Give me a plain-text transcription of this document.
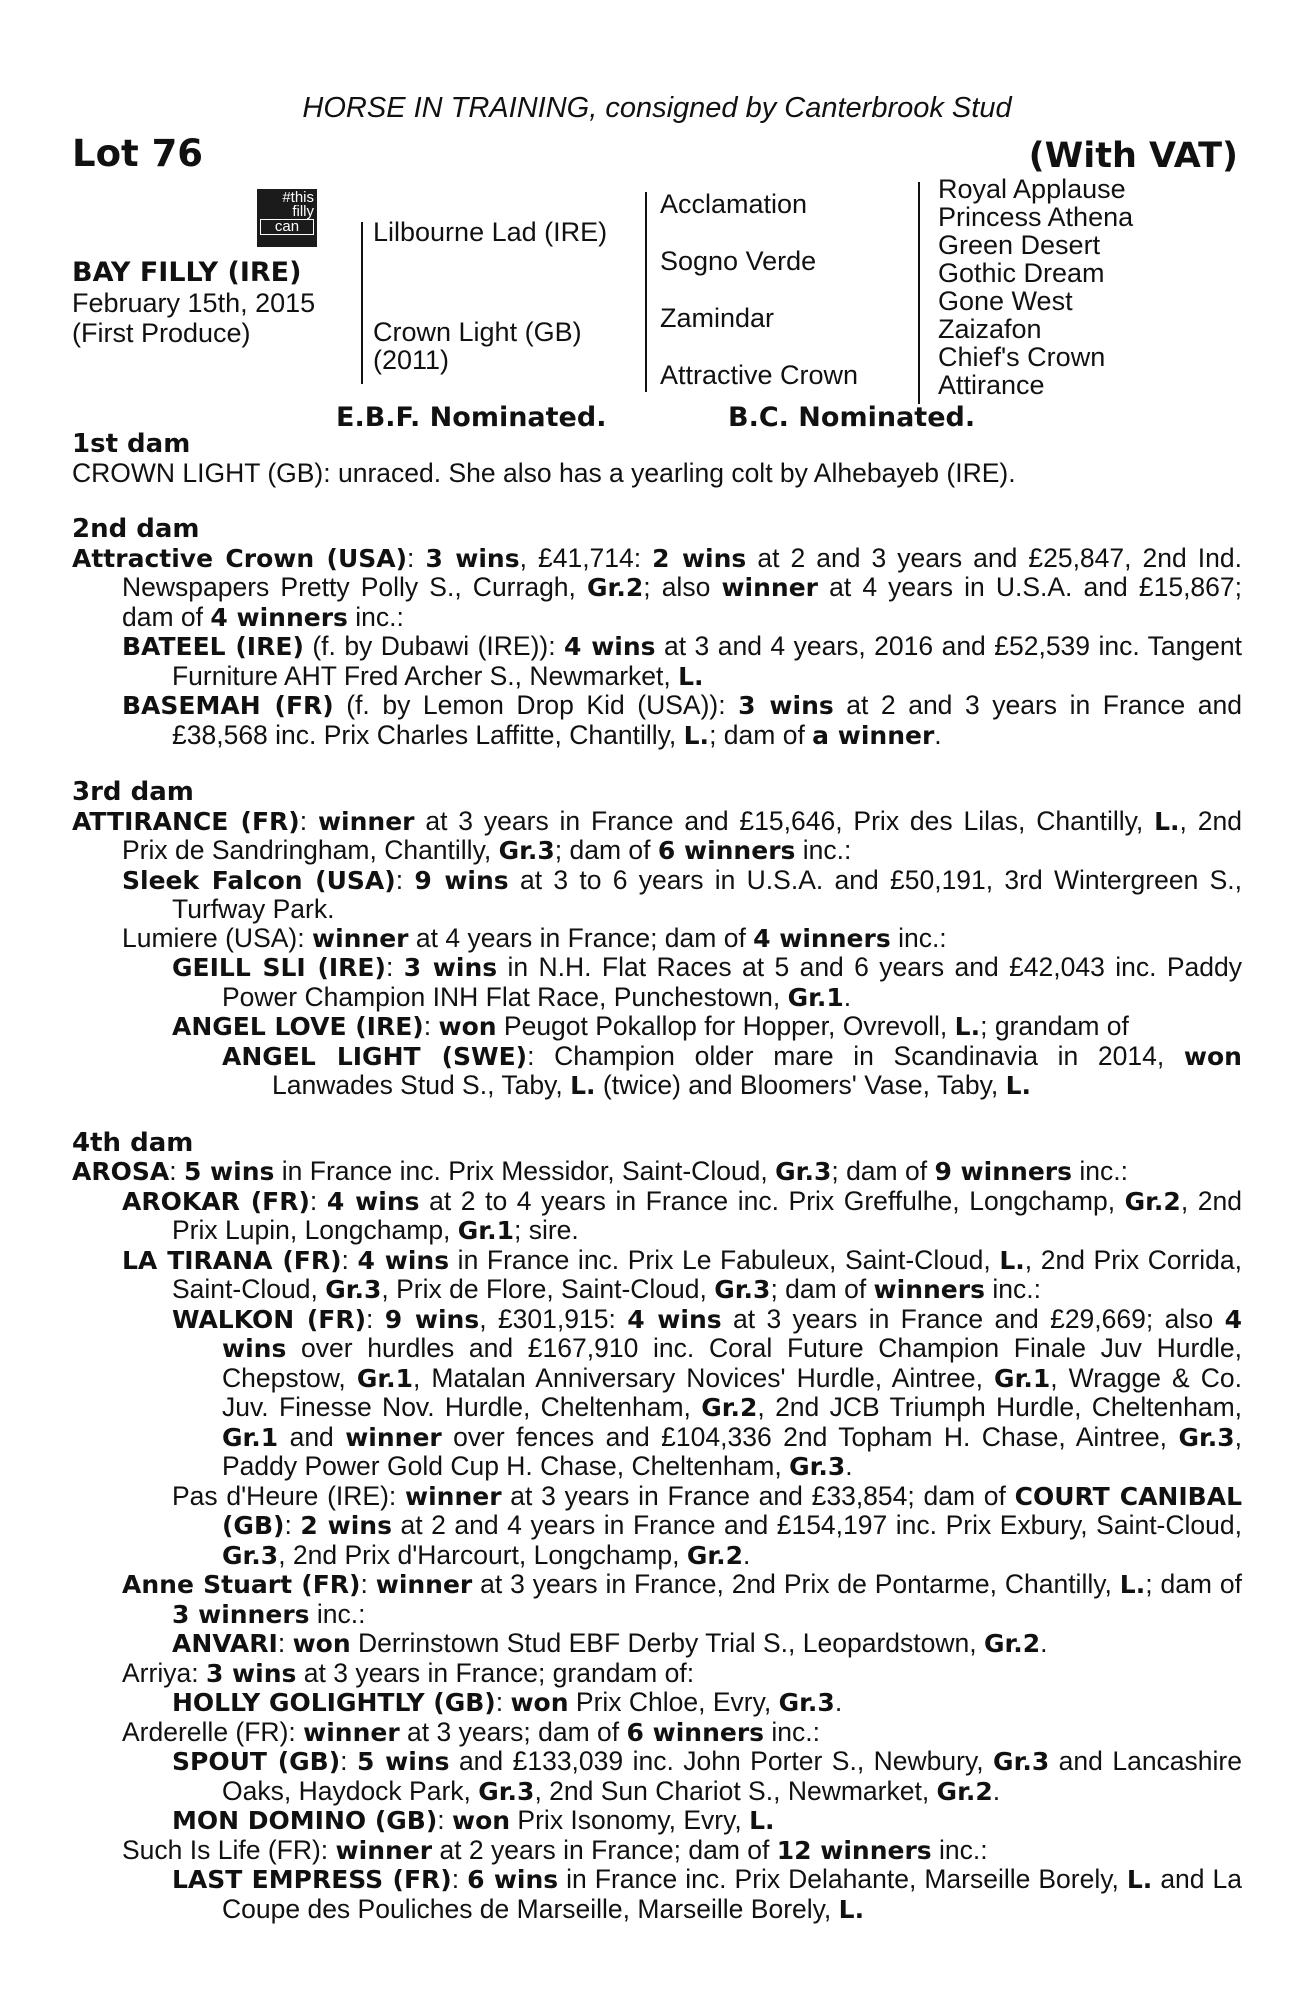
HORSE IN TRAINING, consigned by Canterbrook Stud
Lot 76	(With VAT)
#this
filly
can
BAY FILLY (IRE)
February 15th, 2015
(First Produce)
Lilbourne Lad (IRE)
Crown Light (GB)
(2011)
Acclamation
Sogno Verde
Zamindar
Attractive Crown
Royal Applause
Princess Athena
Green Desert
Gothic Dream
Gone West
Zaizafon
Chief's Crown
Attirance
E.B.F. Nominated.	B.C. Nominated.
1st dam

CROWN LIGHT (GB): unraced. She also has a yearling colt by Alhebayeb (IRE).

2nd dam

Attractive Crown (USA): 3 wins, £41,714: 2 wins at 2 and 3 years and £25,847, 2nd Ind. Newspapers Pretty Polly S., Curragh, Gr.2; also winner at 4 years in U.S.A. and £15,867; dam of 4 winners inc.:

BATEEL (IRE) (f. by Dubawi (IRE)): 4 wins at 3 and 4 years, 2016 and £52,539 inc. Tangent Furniture AHT Fred Archer S., Newmarket, L.

BASEMAH (FR) (f. by Lemon Drop Kid (USA)): 3 wins at 2 and 3 years in France and £38,568 inc. Prix Charles Laffitte, Chantilly, L.; dam of a winner.

3rd dam

ATTIRANCE (FR): winner at 3 years in France and £15,646, Prix des Lilas, Chantilly, L., 2nd Prix de Sandringham, Chantilly, Gr.3; dam of 6 winners inc.:

Sleek Falcon (USA): 9 wins at 3 to 6 years in U.S.A. and £50,191, 3rd Wintergreen S., Turfway Park.

Lumiere (USA): winner at 4 years in France; dam of 4 winners inc.:

GEILL SLI (IRE): 3 wins in N.H. Flat Races at 5 and 6 years and £42,043 inc. Paddy Power Champion INH Flat Race, Punchestown, Gr.1.

ANGEL LOVE (IRE): won Peugot Pokallop for Hopper, Ovrevoll, L.; grandam of

ANGEL LIGHT (SWE): Champion older mare in Scandinavia in 2014, won Lanwades Stud S., Taby, L. (twice) and Bloomers' Vase, Taby, L.

4th dam

AROSA: 5 wins in France inc. Prix Messidor, Saint-Cloud, Gr.3; dam of 9 winners inc.:

AROKAR (FR): 4 wins at 2 to 4 years in France inc. Prix Greffulhe, Longchamp, Gr.2, 2nd Prix Lupin, Longchamp, Gr.1; sire.

LA TIRANA (FR): 4 wins in France inc. Prix Le Fabuleux, Saint-Cloud, L., 2nd Prix Corrida, Saint-Cloud, Gr.3, Prix de Flore, Saint-Cloud, Gr.3; dam of winners inc.:

WALKON (FR): 9 wins, £301,915: 4 wins at 3 years in France and £29,669; also 4 wins over hurdles and £167,910 inc. Coral Future Champion Finale Juv Hurdle, Chepstow, Gr.1, Matalan Anniversary Novices' Hurdle, Aintree, Gr.1, Wragge & Co. Juv. Finesse Nov. Hurdle, Cheltenham, Gr.2, 2nd JCB Triumph Hurdle, Cheltenham, Gr.1 and winner over fences and £104,336 2nd Topham H. Chase, Aintree, Gr.3, Paddy Power Gold Cup H. Chase, Cheltenham, Gr.3.

Pas d'Heure (IRE): winner at 3 years in France and £33,854; dam of COURT CANIBAL (GB): 2 wins at 2 and 4 years in France and £154,197 inc. Prix Exbury, Saint-Cloud, Gr.3, 2nd Prix d'Harcourt, Longchamp, Gr.2.

Anne Stuart (FR): winner at 3 years in France, 2nd Prix de Pontarme, Chantilly, L.; dam of 3 winners inc.:

ANVARI: won Derrinstown Stud EBF Derby Trial S., Leopardstown, Gr.2.

Arriya: 3 wins at 3 years in France; grandam of:

HOLLY GOLIGHTLY (GB): won Prix Chloe, Evry, Gr.3.

Arderelle (FR): winner at 3 years; dam of 6 winners inc.:

SPOUT (GB): 5 wins and £133,039 inc. John Porter S., Newbury, Gr.3 and Lancashire Oaks, Haydock Park, Gr.3, 2nd Sun Chariot S., Newmarket, Gr.2.

MON DOMINO (GB): won Prix Isonomy, Evry, L.

Such Is Life (FR): winner at 2 years in France; dam of 12 winners inc.:

LAST EMPRESS (FR): 6 wins in France inc. Prix Delahante, Marseille Borely, L. and La Coupe des Pouliches de Marseille, Marseille Borely, L.
